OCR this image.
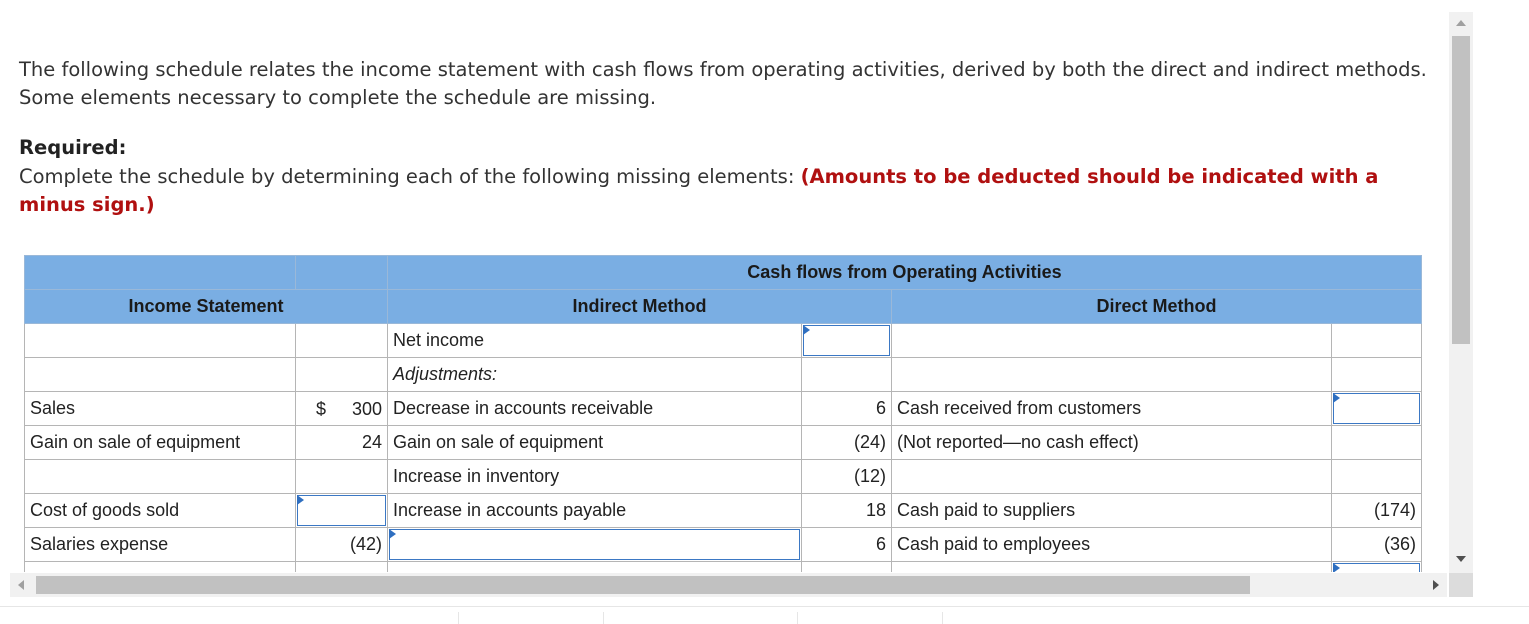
The following schedule relates the income statement with cash flows from operating activities, derived by both the direct and indirect methods. Some elements necessary to complete the schedule are missing.
Required:
Complete the schedule by determining each of the following missing elements: (Amounts to be deducted should be indicated with a minus sign.)
		Cash flows from Operating Activities			
Income Statement		Indirect Method		Direct Method	
		Net income	

		Adjustments:			
Sales	$ 300	Decrease in accounts receivable	6	Cash received from customers	

Gain on sale of equipment	24	Gain on sale of equipment	(24)	(Not reported—no cash effect)	
		Increase in inventory	(12)		
Cost of goods sold		Increase in accounts payable	18	Cash paid to suppliers	(174)
Salaries expense	(42)		6	Cash paid to employees	(36)
